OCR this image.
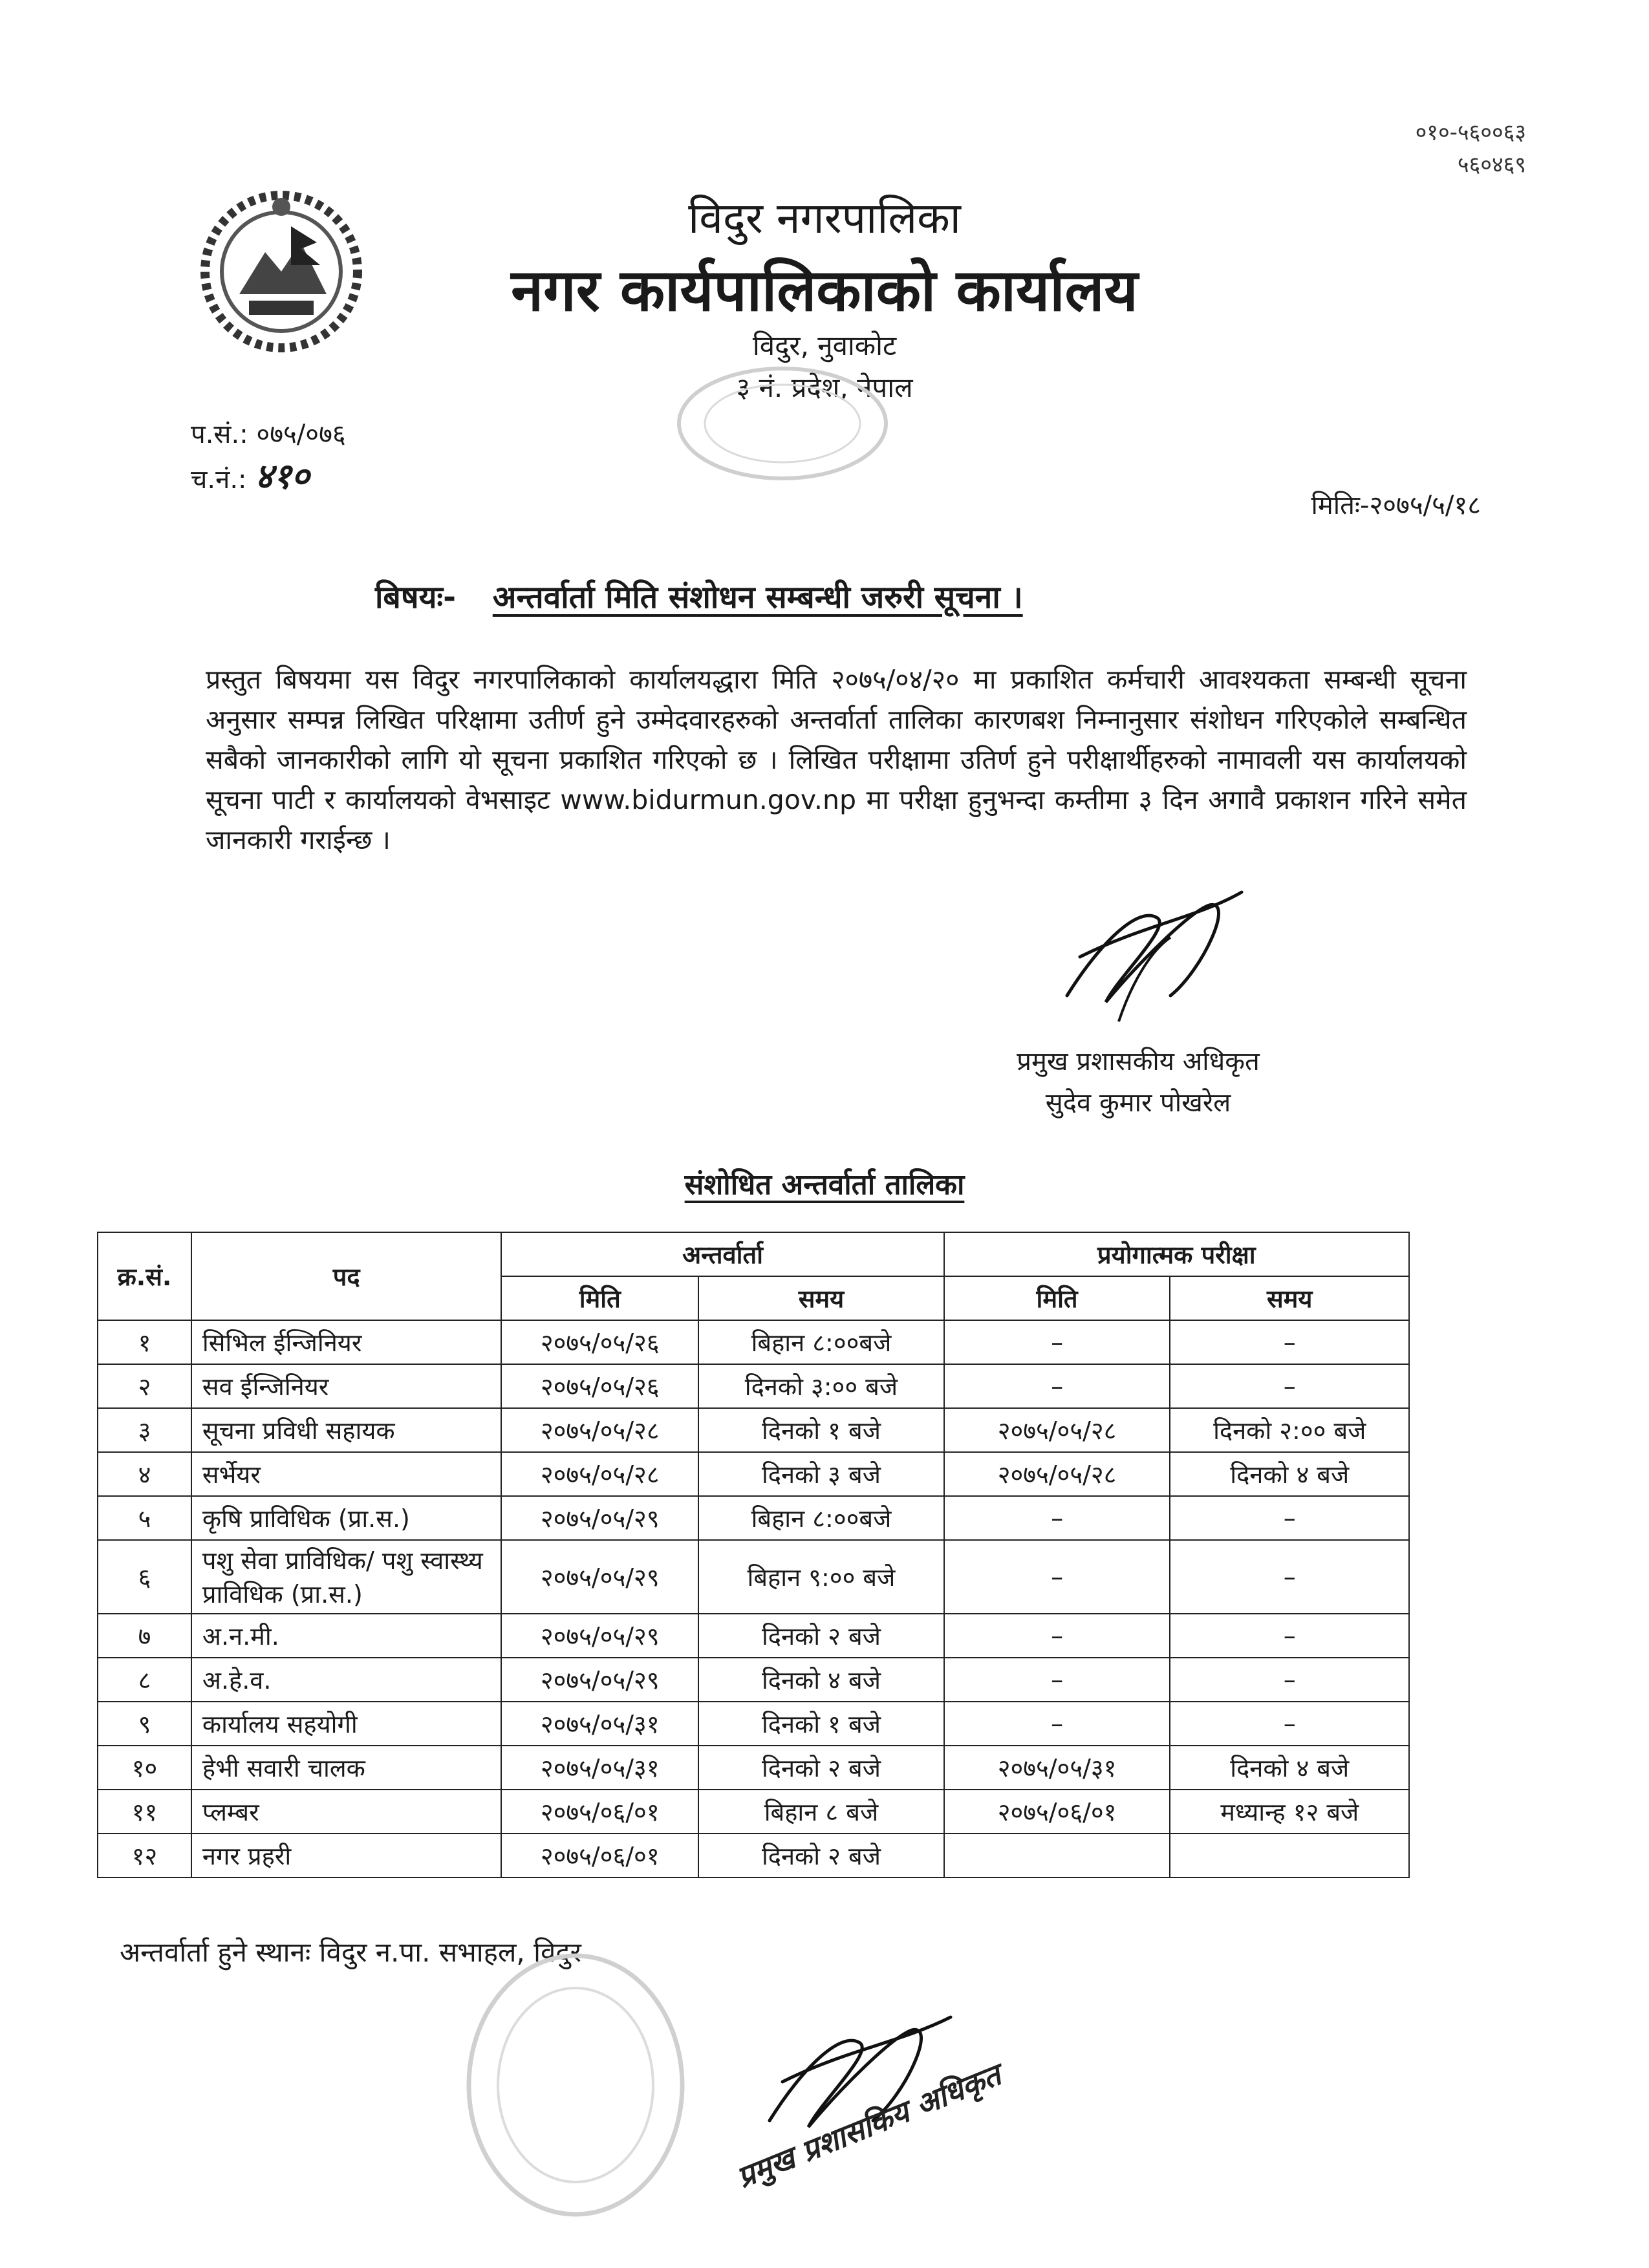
०१०-५६००६३
५६०४६९
विदुर नगरपालिका
नगर कार्यपालिकाको कार्यालय
विदुर, नुवाकोट
३ नं. प्रदेश, नेपाल
प.सं.: ०७५/०७६
च.नं.: ४१०
मितिः-२०७५/५/१८
बिषयः- अन्तर्वार्ता मिति संशोधन सम्बन्धी जरुरी सूचना ।
प्रस्तुत बिषयमा यस विदुर नगरपालिकाको कार्यालयद्धारा मिति २०७५/०४/२० मा प्रकाशित कर्मचारी आवश्यकता सम्बन्धी सूचना अनुसार सम्पन्न लिखित परिक्षामा उतीर्ण हुने उम्मेदवारहरुको अन्तर्वार्ता तालिका कारणबश निम्नानुसार संशोधन गरिएकोले सम्बन्धित सबैको जानकारीको लागि यो सूचना प्रकाशित गरिएको छ । लिखित परीक्षामा उतिर्ण हुने परीक्षार्थीहरुको नामावली यस कार्यालयको सूचना पाटी र कार्यालयको वेभसाइट www.bidurmun.gov.np मा परीक्षा हुनुभन्दा कम्तीमा ३ दिन अगावै प्रकाशन गरिने समेत जानकारी गराईन्छ ।
प्रमुख प्रशासकीय अधिकृत
सुदेव कुमार पोखरेल
संशोधित अन्तर्वार्ता तालिका
क्र.सं.	पद	अन्तर्वार्ता		प्रयोगात्मक परीक्षा	
		मिति	समय	मिति	समय
१	सिभिल ईन्जिनियर	२०७५/०५/२६	बिहान ८:००बजे	–	–
२	सव ईन्जिनियर	२०७५/०५/२६	दिनको ३:०० बजे	–	–
३	सूचना प्रविधी सहायक	२०७५/०५/२८	दिनको १ बजे	२०७५/०५/२८	दिनको २:०० बजे
४	सर्भेयर	२०७५/०५/२८	दिनको ३ बजे	२०७५/०५/२८	दिनको ४ बजे
५	कृषि प्राविधिक (प्रा.स.)	२०७५/०५/२९	बिहान ८:००बजे	–	–
६	पशु सेवा प्राविधिक/ पशु स्वास्थ्य प्राविधिक (प्रा.स.)	२०७५/०५/२९	बिहान ९:०० बजे	–	–
७	अ.न.मी.	२०७५/०५/२९	दिनको २ बजे	–	–
८	अ.हे.व.	२०७५/०५/२९	दिनको ४ बजे	–	–
९	कार्यालय सहयोगी	२०७५/०५/३१	दिनको १ बजे	–	–
१०	हेभी सवारी चालक	२०७५/०५/३१	दिनको २ बजे	२०७५/०५/३१	दिनको ४ बजे
११	प्लम्बर	२०७५/०६/०१	बिहान ८ बजे	२०७५/०६/०१	मध्यान्ह १२ बजे
१२	नगर प्रहरी	२०७५/०६/०१	दिनको २ बजे		
अन्तर्वार्ता हुने स्थानः विदुर न.पा. सभाहल, विदुर
प्रमुख प्रशासकिय अधिकृत
